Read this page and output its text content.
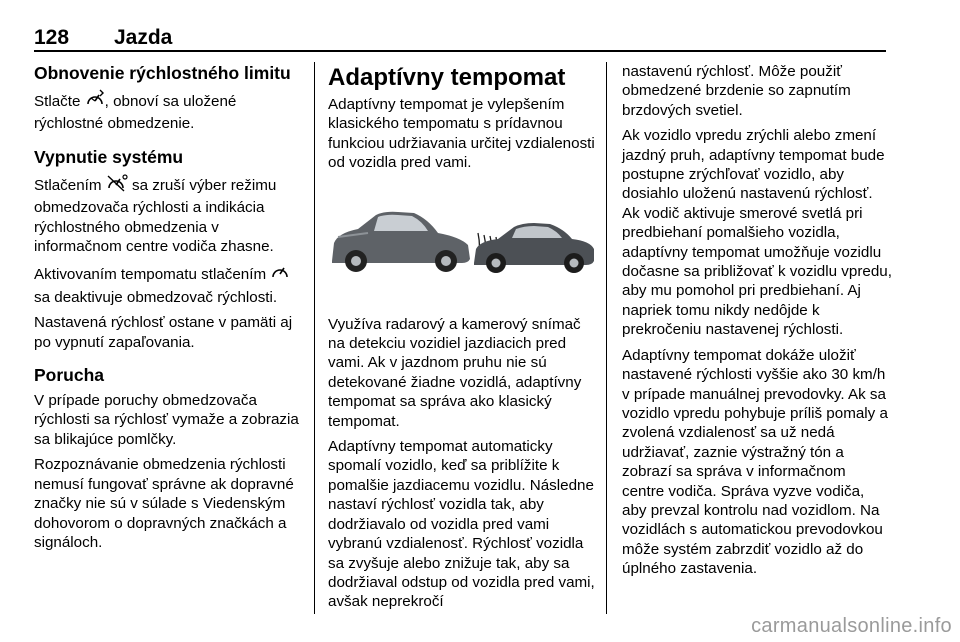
128 Jazda
Obnovenie rýchlostného limitu

Stlačte , obnoví sa uložené rýchlostné obmedzenie.

Vypnutie systému

Stlačením  sa zruší výber režimu obmedzovača rýchlosti a indikácia rýchlostného obmedzenia v informačnom centre vodiča zhasne.

Aktivovaním tempomatu stlačením  sa deaktivuje obmedzovač rýchlosti.

Nastavená rýchlosť ostane v pamäti aj po vypnutí zapaľovania.

Porucha

V prípade poruchy obmedzovača rýchlosti sa rýchlosť vymaže a zobrazia sa blikajúce pomlčky.

Rozpoznávanie obmedzenia rýchlosti nemusí fungovať správne ak dopravné značky nie sú v súlade s Viedenským dohovorom o dopravných značkách a signáloch.

Adaptívny tempomat

Adaptívny tempomat je vylepšením klasického tempomatu s prídavnou funkciou udržiavania určitej vzdialenosti od vozidla pred vami.

Využíva radarový a kamerový snímač na detekciu vozidiel jazdiacich pred vami. Ak v jazdnom pruhu nie sú detekované žiadne vozidlá, adaptívny tempomat sa správa ako klasický tempomat.

Adaptívny tempomat automaticky spomalí vozidlo, keď sa priblížite k pomalšie jazdiacemu vozidlu. Následne nastaví rýchlosť vozidla tak, aby dodržiavalo od vozidla pred vami vybranú vzdialenosť. Rýchlosť vozidla sa zvyšuje alebo znižuje tak, aby sa dodržiaval odstup od vozidla pred vami, avšak neprekročí

nastavenú rýchlosť. Môže použiť obmedzené brzdenie so zapnutím brzdových svetiel.

Ak vozidlo vpredu zrýchli alebo zmení jazdný pruh, adaptívny tempomat bude postupne zrýchľovať vozidlo, aby dosiahlo uloženú nastavenú rýchlosť. Ak vodič aktivuje smerové svetlá pri predbiehaní pomalšieho vozidla, adaptívny tempomat umožňuje vozidlu dočasne sa približovať k vozidlu vpredu, aby mu pomohol pri predbiehaní. Aj napriek tomu nikdy nedôjde k prekročeniu nastavenej rýchlosti.

Adaptívny tempomat dokáže uložiť nastavené rýchlosti vyššie ako 30 km/h v prípade manuálnej prevodovky. Ak sa vozidlo vpredu pohybuje príliš pomaly a zvolená vzdialenosť sa už nedá udržiavať, zaznie výstražný tón a zobrazí sa správa v informačnom centre vodiča. Správa vyzve vodiča, aby prevzal kontrolu nad vozidlom. Na vozidlách s automatickou prevodovkou môže systém zabrzdiť vozidlo až do úplného zastavenia.

carmanualsonline.info
